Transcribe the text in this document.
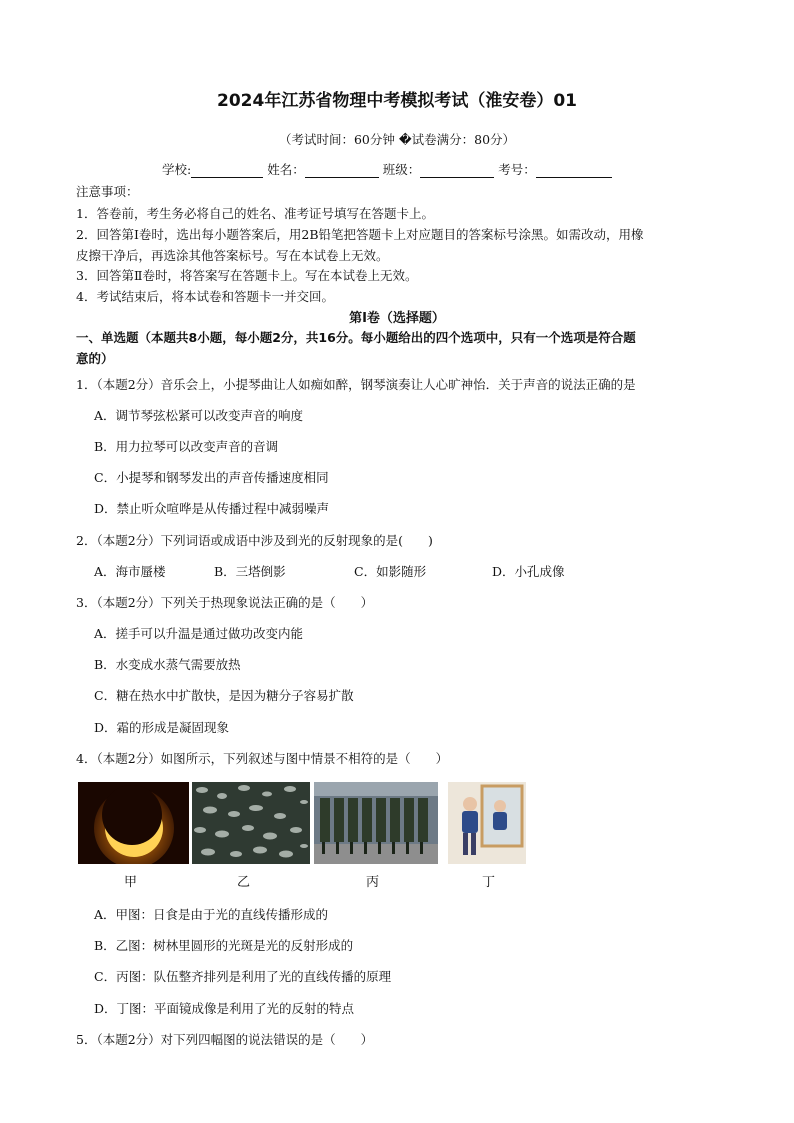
2024年江苏省物理中考模拟考试（淮安卷）01
（考试时间：60分钟 �试卷满分：80分）
学校:	姓名：	班级：	考号：
注意事项：
1．答卷前，考生务必将自己的姓名、准考证号填写在答题卡上。
2．回答第Ⅰ卷时，选出每小题答案后，用2B铅笔把答题卡上对应题目的答案标号涂黑。如需改动，用橡
皮擦干净后，再选涂其他答案标号。写在本试卷上无效。
3．回答第Ⅱ卷时，将答案写在答题卡上。写在本试卷上无效。
4．考试结束后，将本试卷和答题卡一并交回。
第Ⅰ卷（选择题）
一、单选题（本题共8小题，每小题2分，共16分。每小题给出的四个选项中，只有一个选项是符合题
意的）
1．（本题2分）音乐会上，小提琴曲让人如痴如醉，钢琴演奏让人心旷神怡．关于声音的说法正确的是
A．调节琴弦松紧可以改变声音的响度
B．用力拉琴可以改变声音的音调
C．小提琴和钢琴发出的声音传播速度相同
D．禁止听众喧哗是从传播过程中减弱噪声
2．（本题2分）下列词语或成语中涉及到光的反射现象的是(　　)
A．海市蜃楼	B．三塔倒影	C．如影随形	D．小孔成像
3．（本题2分）下列关于热现象说法正确的是（　　）
A．搓手可以升温是通过做功改变内能
B．水变成水蒸气需要放热
C．糖在热水中扩散快，是因为糖分子容易扩散
D．霜的形成是凝固现象
4．（本题2分）如图所示，下列叙述与图中情景不相符的是（　　）
甲	乙	丙	丁
A．甲图：日食是由于光的直线传播形成的
B．乙图：树林里圆形的光斑是光的反射形成的
C．丙图：队伍整齐排列是利用了光的直线传播的原理
D．丁图：平面镜成像是利用了光的反射的特点
5．（本题2分）对下列四幅图的说法错误的是（　　）
